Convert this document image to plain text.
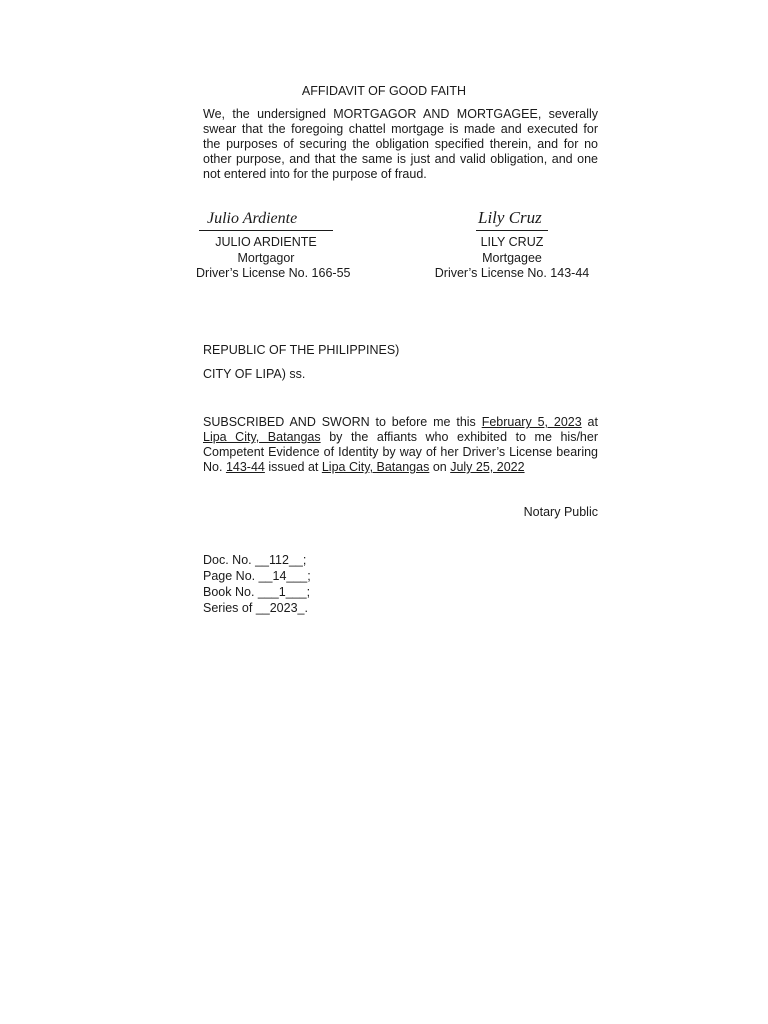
AFFIDAVIT OF GOOD FAITH
We, the undersigned MORTGAGOR AND MORTGAGEE, severally swear that the foregoing chattel mortgage is made and executed for the purposes of securing the obligation specified therein, and for no other purpose, and that the same is just and valid obligation, and one not entered into for the purpose of fraud.
Julio Ardiente
JULIO ARDIENTE
Mortgagor
Driver’s License No. 166-55
Lily Cruz
LILY CRUZ
Mortgagee
Driver’s License No. 143-44
REPUBLIC OF THE PHILIPPINES)
CITY OF LIPA) ss.
SUBSCRIBED AND SWORN to before me this February 5, 2023 at Lipa City, Batangas by the affiants who exhibited to me his/her Competent Evidence of Identity by way of her Driver’s License bearing No. 143-44 issued at Lipa City, Batangas on July 25, 2022
Notary Public
Doc. No. __112__;
Page No. __14___;
Book No. ___1___;
Series of __2023_.
